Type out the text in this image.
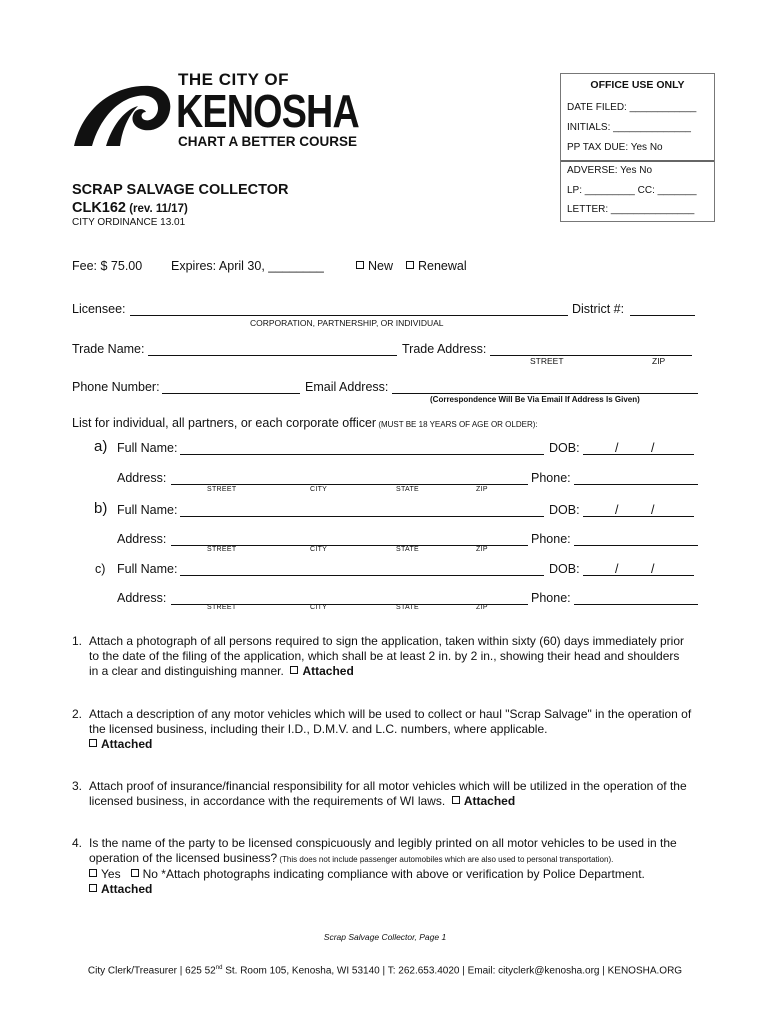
THE CITY OF
KENOSHA
CHART A BETTER COURSE
OFFICE USE ONLY
DATE FILED: ____________
INITIALS: ______________
PP TAX DUE: Yes No
ADVERSE: Yes No
LP: _________ CC: _______
LETTER: _______________
SCRAP SALVAGE COLLECTOR
CLK162 (rev. 11/17)
CITY ORDINANCE 13.01
Fee: $ 75.00 Expires: April 30, ________	New	Renewal
Licensee:
CORPORATION, PARTNERSHIP, OR INDIVIDUAL
District #:
Trade Name:	Trade Address:
STREET	ZIP
Phone Number:	Email Address:
(Correspondence Will Be Via Email If Address Is Given)
List for individual, all partners, or each corporate officer (MUST BE 18 YEARS OF AGE OR OLDER):
a) Full Name:	DOB:	/	/
Address:
STREET	CITY	STATE	ZIP
Phone:
b) Full Name:	DOB:	/	/
Address:
STREET	CITY	STATE	ZIP
Phone:
c) Full Name:	DOB:	/	/
Address:
STREET	CITY	STATE	ZIP
Phone:
1. Attach a photograph of all persons required to sign the application, taken within sixty (60) days immediately prior to the date of the filing of the application, which shall be at least 2 in. by 2 in., showing their head and shoulders in a clear and distinguishing manner. Attached
2. Attach a description of any motor vehicles which will be used to collect or haul "Scrap Salvage" in the operation of the licensed business, including their I.D., D.M.V. and L.C. numbers, where applicable.
Attached
3. Attach proof of insurance/financial responsibility for all motor vehicles which will be utilized in the operation of the licensed business, in accordance with the requirements of WI laws. Attached
4. Is the name of the party to be licensed conspicuously and legibly printed on all motor vehicles to be used in the operation of the licensed business? (This does not include passenger automobiles which are also used to personal transportation).
Yes No *Attach photographs indicating compliance with above or verification by Police Department.
Attached
Scrap Salvage Collector, Page 1
City Clerk/Treasurer | 625 52nd St. Room 105, Kenosha, WI 53140 | T: 262.653.4020 | Email: cityclerk@kenosha.org | KENOSHA.ORG
